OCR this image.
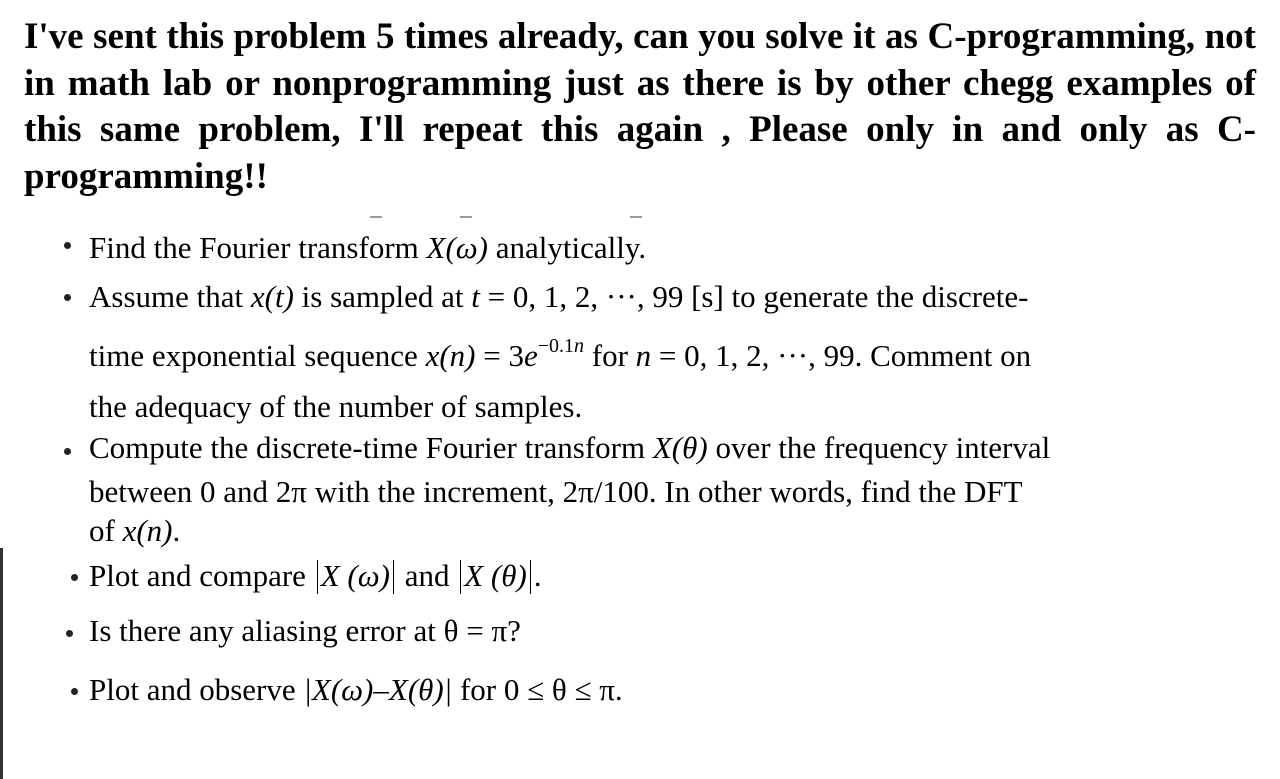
I've sent this problem 5 times already, can you solve it as C-programming, not in math lab or nonprogramming just as there is by other chegg examples of this same problem, I'll repeat this again , Please only in and only as C-programming!!
Find the Fourier transform X(ω) analytically.
Assume that x(t) is sampled at t = 0, 1, 2, ···, 99 [s] to generate the discrete-
time exponential sequence $x(n) = 3e^{-0.1n}$ for n = 0, 1, 2, ···, 99. Comment on
the adequacy of the number of samples.
Compute the discrete-time Fourier transform X(θ) over the frequency interval
between 0 and 2π with the increment, 2π/100. In other words, find the DFT
of x(n).
Plot and compare X (ω) and X (θ) .
Is there any aliasing error at θ = π?
Plot and observe |X(ω)–X(θ)| for 0 ≤ θ ≤ π.
